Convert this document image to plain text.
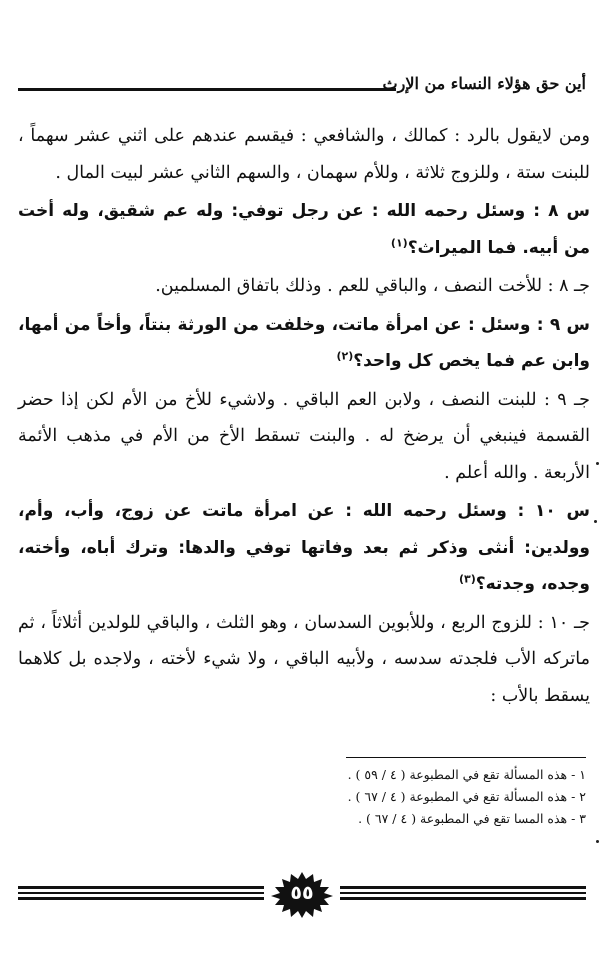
أين حق هؤلاء النساء من الإرث

ومن لايقول بالرد : كمالك ، والشافعي : فيقسم عندهم على اثني عشر سهماً ، للبنت ستة ، وللزوج ثلاثة ، وللأم سهمان ، والسهم الثاني عشر لبيت المال .

س ٨ : وسئل رحمه الله : عن رجل توفي: وله عم شقيق، وله أخت من أبيه. فما الميراث؟$^{(١)}$

جـ ٨ : للأخت النصف ، والباقي للعم . وذلك باتفاق المسلمين.

س ٩ : وسئل : عن امرأة ماتت، وخلفت من الورثة بنتاً، وأخاً من أمها، وابن عم فما يخص كل واحد؟$^{(٢)}$

جـ ٩ : للبنت النصف ، ولابن العم الباقي . ولاشيء للأخ من الأم لكن إذا حضر القسمة فينبغي أن يرضخ له . والبنت تسقط الأخ من الأم في مذهب الأئمة الأربعة . والله أعلم .

س ١٠ : وسئل رحمه الله : عن امرأة ماتت عن زوج، وأب، وأم، وولدين: أنثى وذكر ثم بعد وفاتها توفي والدها: وترك أباه، وأخته، وجده، وجدته؟$^{(٣)}$

جـ ١٠ : للزوج الربع ، وللأبوين السدسان ، وهو الثلث ، والباقي للولدين أثلاثاً ، ثم ماتركه الأب فلجدته سدسه ، ولأبيه الباقي ، ولا شيء لأخته ، ولاجده بل كلاهما يسقط بالأب :

١ - هذه المسألة تقع في المطبوعة ( ٤ / ٥٩ ) .
٢ - هذه المسألة تقع في المطبوعة ( ٤ / ٦٧ ) .
٣ - هذه المسا تقع في المطبوعة ( ٤ / ٦٧ ) .
٥٥
